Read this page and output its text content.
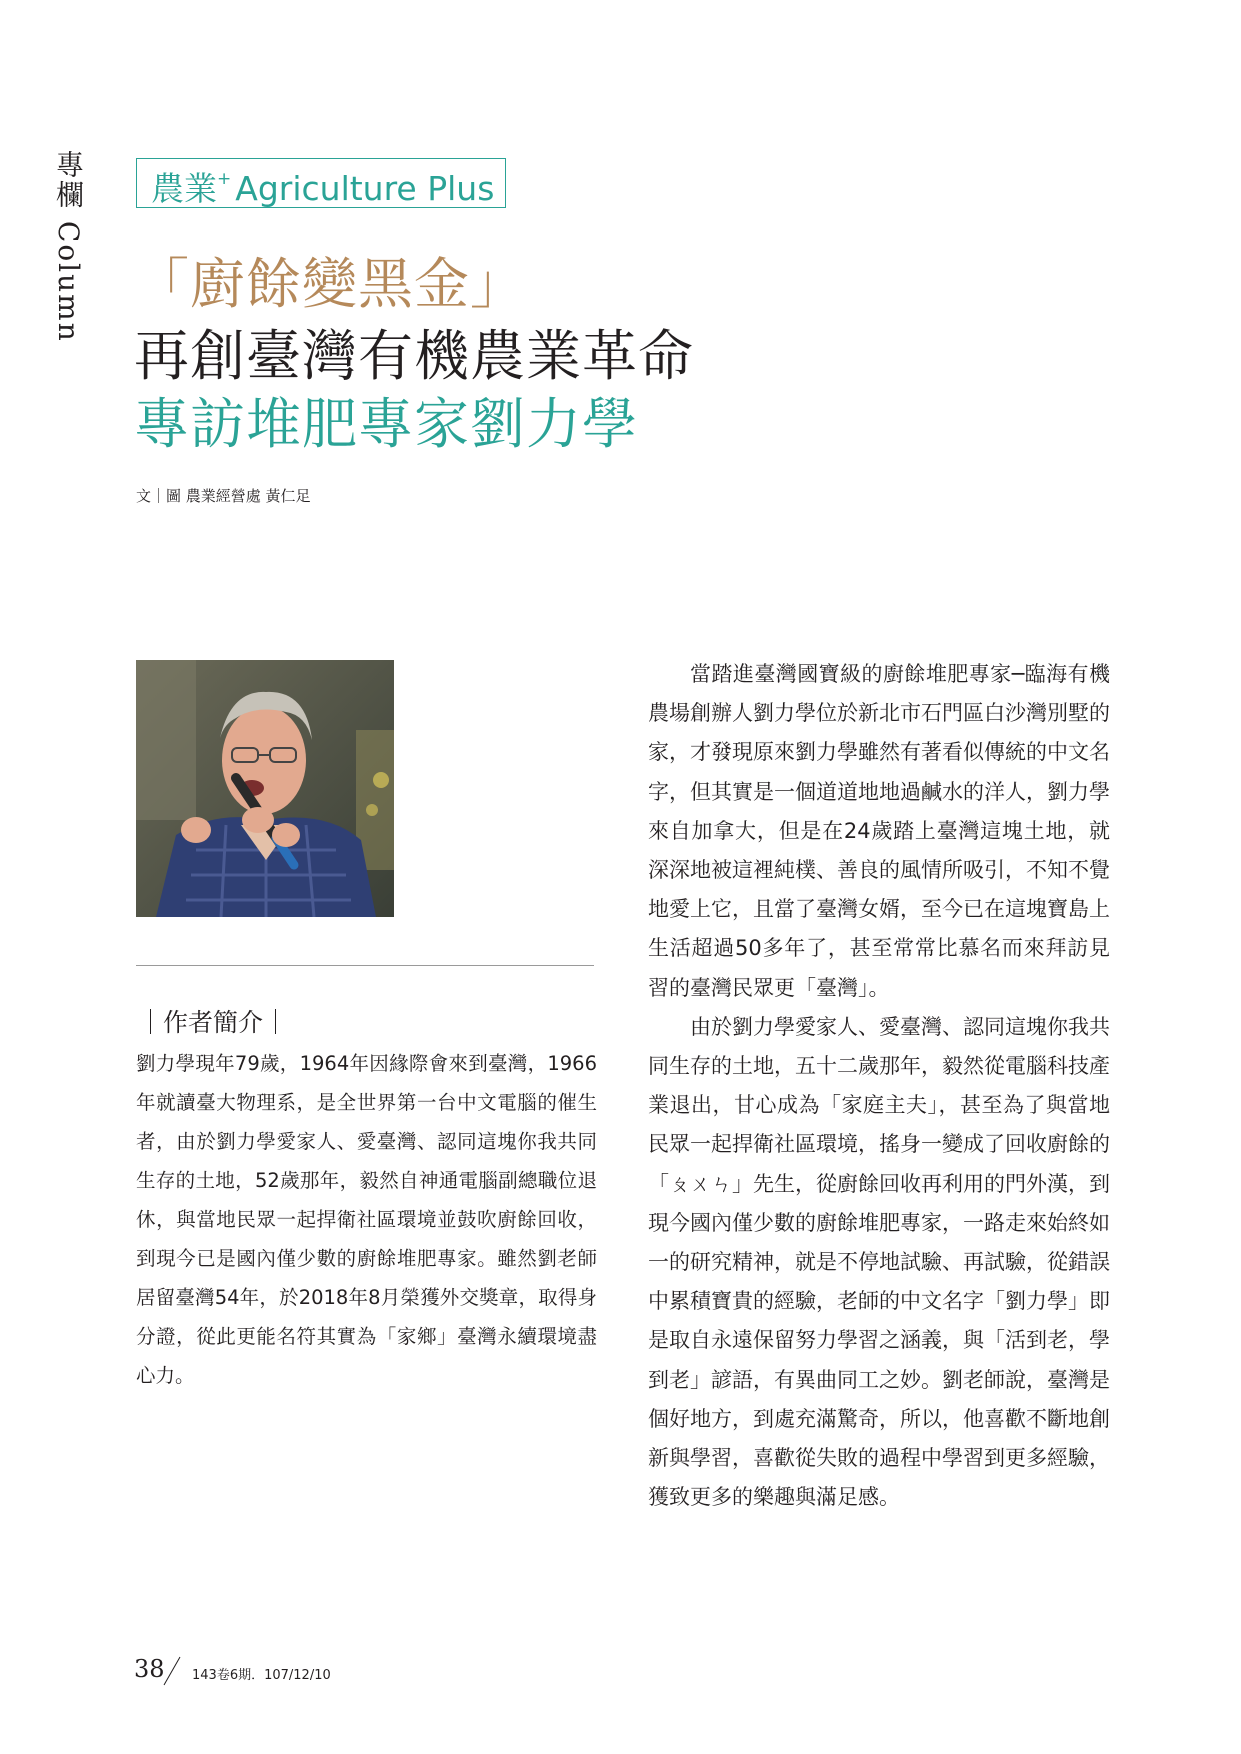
專欄 Column	農業+ Agriculture Plus
「廚餘變黑金」
再創臺灣有機農業革命
專訪堆肥專家劉力學
文｜圖 農業經營處 黃仁足
｜作者簡介｜
劉力學現年79歲，1964年因緣際會來到臺灣，1966年就讀臺大物理系，是全世界第一台中文電腦的催生者，由於劉力學愛家人、愛臺灣、認同這塊你我共同生存的土地，52歲那年，毅然自神通電腦副總職位退休，與當地民眾一起捍衛社區環境並鼓吹廚餘回收，到現今已是國內僅少數的廚餘堆肥專家。雖然劉老師居留臺灣54年，於2018年8月榮獲外交獎章，取得身分證，從此更能名符其實為「家鄉」臺灣永續環境盡心力。

當踏進臺灣國寶級的廚餘堆肥專家─臨海有機農場創辦人劉力學位於新北市石門區白沙灣別墅的家，才發現原來劉力學雖然有著看似傳統的中文名字，但其實是一個道道地地過鹹水的洋人，劉力學來自加拿大，但是在24歲踏上臺灣這塊土地，就深深地被這裡純樸、善良的風情所吸引，不知不覺地愛上它，且當了臺灣女婿，至今已在這塊寶島上生活超過50多年了，甚至常常比慕名而來拜訪見習的臺灣民眾更「臺灣」。

由於劉力學愛家人、愛臺灣、認同這塊你我共同生存的土地，五十二歲那年，毅然從電腦科技產業退出，甘心成為「家庭主夫」，甚至為了與當地民眾一起捍衛社區環境，搖身一變成了回收廚餘的「ㄆㄨㄣ」先生，從廚餘回收再利用的門外漢，到現今國內僅少數的廚餘堆肥專家，一路走來始終如一的研究精神，就是不停地試驗、再試驗，從錯誤中累積寶貴的經驗，老師的中文名字「劉力學」即是取自永遠保留努力學習之涵義，與「活到老，學到老」諺語，有異曲同工之妙。劉老師說，臺灣是個好地方，到處充滿驚奇，所以，他喜歡不斷地創新與學習，喜歡從失敗的過程中學習到更多經驗，獲致更多的樂趣與滿足感。

38 143卷6期．107/12/10
